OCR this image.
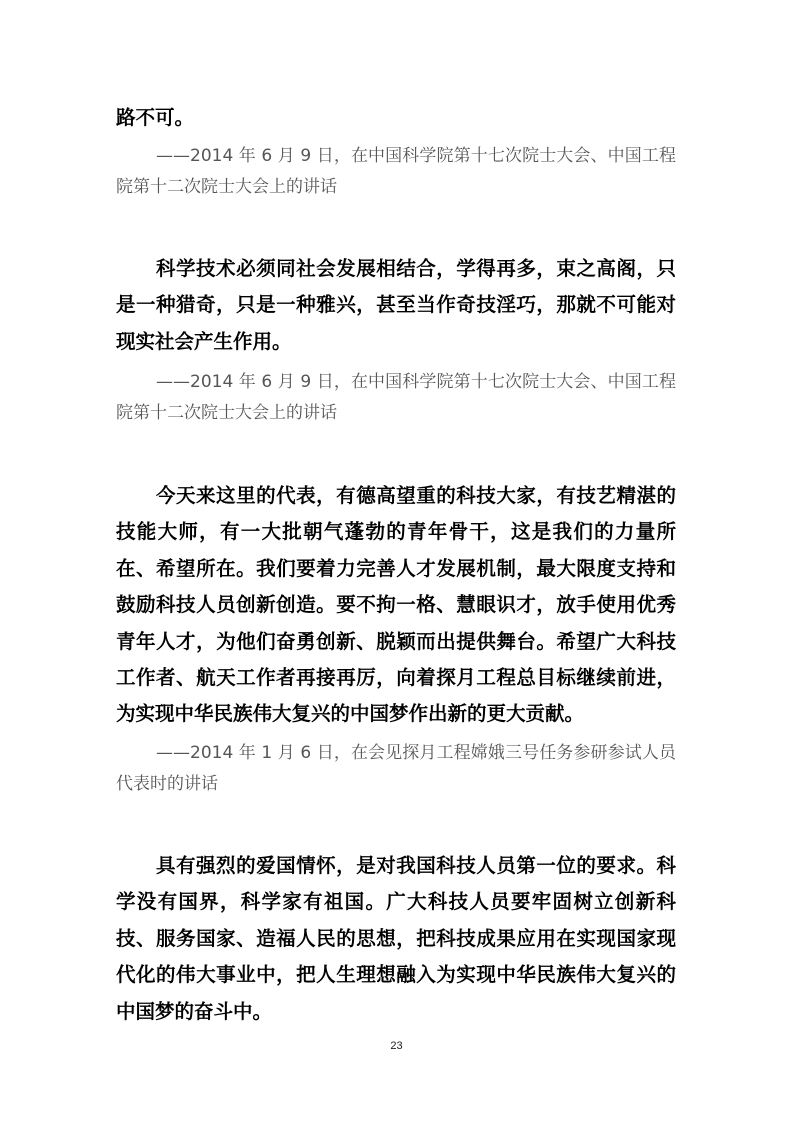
路不可。

——2014 年 6 月 9 日，在中国科学院第十七次院士大会、中国工程院第十二次院士大会上的讲话

科学技术必须同社会发展相结合，学得再多，束之高阁，只是一种猎奇，只是一种雅兴，甚至当作奇技淫巧，那就不可能对现实社会产生作用。

——2014 年 6 月 9 日，在中国科学院第十七次院士大会、中国工程院第十二次院士大会上的讲话

今天来这里的代表，有德高望重的科技大家，有技艺精湛的技能大师，有一大批朝气蓬勃的青年骨干，这是我们的力量所在、希望所在。我们要着力完善人才发展机制，最大限度支持和鼓励科技人员创新创造。要不拘一格、慧眼识才，放手使用优秀青年人才，为他们奋勇创新、脱颖而出提供舞台。希望广大科技工作者、航天工作者再接再厉，向着探月工程总目标继续前进，为实现中华民族伟大复兴的中国梦作出新的更大贡献。

——2014 年 1 月 6 日，在会见探月工程嫦娥三号任务参研参试人员代表时的讲话

具有强烈的爱国情怀，是对我国科技人员第一位的要求。科学没有国界，科学家有祖国。广大科技人员要牢固树立创新科技、服务国家、造福人民的思想，把科技成果应用在实现国家现代化的伟大事业中，把人生理想融入为实现中华民族伟大复兴的中国梦的奋斗中。

23
